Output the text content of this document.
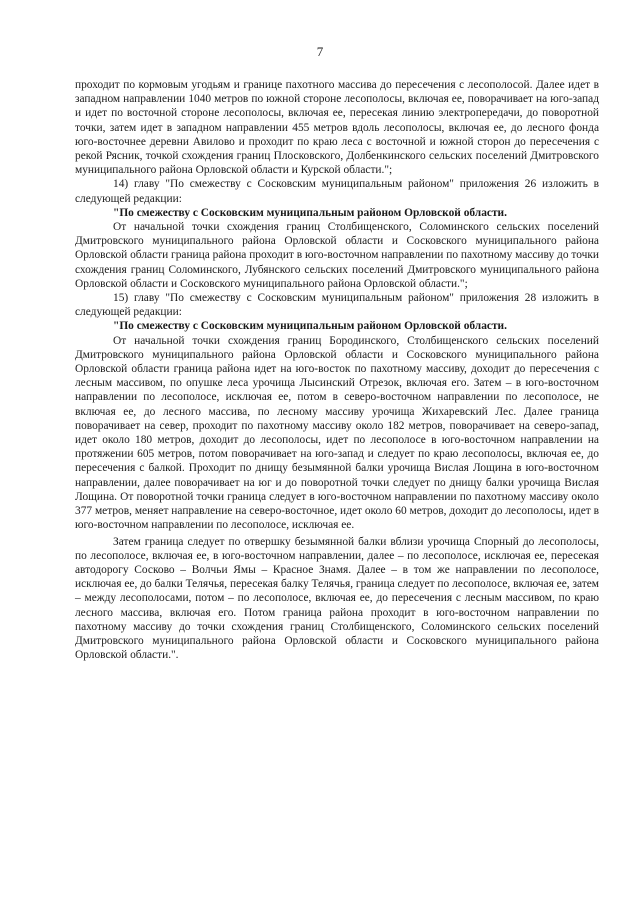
7

проходит по кормовым угодьям и границе пахотного массива до пересечения с лесополосой. Далее идет в западном направлении 1040 метров по южной стороне лесополосы, включая ее, поворачивает на юго-запад и идет по восточной стороне лесополосы, включая ее, пересекая линию электропередачи, до поворотной точки, затем идет в западном направлении 455 метров вдоль лесополосы, включая ее, до лесного фонда юго-восточнее деревни Авилово и проходит по краю леса с восточной и южной сторон до пересечения с рекой Рясник, точкой схождения границ Плосковского, Долбенкинского сельских поселений Дмитровского муниципального района Орловской области и Курской области.";

14) главу "По смежеству с Сосковским муниципальным районом" приложения 26 изложить в следующей редакции:

"По смежеству с Сосковским муниципальным районом Орловской области.

От начальной точки схождения границ Столбищенского, Соломинского сельских поселений Дмитровского муниципального района Орловской области и Сосковского муниципального района Орловской области граница района проходит в юго-восточном направлении по пахотному массиву до точки схождения границ Соломинского, Лубянского сельских поселений Дмитровского муниципального района Орловской области и Сосковского муниципального района Орловской области.";

15) главу "По смежеству с Сосковским муниципальным районом" приложения 28 изложить в следующей редакции:

"По смежеству с Сосковским муниципальным районом Орловской области.

От начальной точки схождения границ Бородинского, Столбищенского сельских поселений Дмитровского муниципального района Орловской области и Сосковского муниципального района Орловской области граница района идет на юго-восток по пахотному массиву, доходит до пересечения с лесным массивом, по опушке леса урочища Лысинский Отрезок, включая его. Затем – в юго-восточном направлении по лесополосе, исключая ее, потом в северо-восточном направлении по лесополосе, не включая ее, до лесного массива, по лесному массиву урочища Жихаревский Лес. Далее граница поворачивает на север, проходит по пахотному массиву около 182 метров, поворачивает на северо-запад, идет около 180 метров, доходит до лесополосы, идет по лесополосе в юго-восточном направлении на протяжении 605 метров, потом поворачивает на юго-запад и следует по краю лесополосы, включая ее, до пересечения с балкой. Проходит по днищу безымянной балки урочища Вислая Лощина в юго-восточном направлении, далее поворачивает на юг и до поворотной точки следует по днищу балки урочища Вислая Лощина. От поворотной точки граница следует в юго-восточном направлении по пахотному массиву около 377 метров, меняет направление на северо-восточное, идет около 60 метров, доходит до лесополосы, идет в юго-восточном направлении по лесополосе, исключая ее.

Затем граница следует по отвершку безымянной балки вблизи урочища Спорный до лесополосы, по лесополосе, включая ее, в юго-восточном направлении, далее – по лесополосе, исключая ее, пересекая автодорогу Сосково – Волчьи Ямы – Красное Знамя. Далее – в том же направлении по лесополосе, исключая ее, до балки Телячья, пересекая балку Телячья, граница следует по лесополосе, включая ее, затем – между лесополосами, потом – по лесополосе, включая ее, до пересечения с лесным массивом, по краю лесного массива, включая его. Потом граница района проходит в юго-восточном направлении по пахотному массиву до точки схождения границ Столбищенского, Соломинского сельских поселений Дмитровского муниципального района Орловской области и Сосковского муниципального района Орловской области.".
